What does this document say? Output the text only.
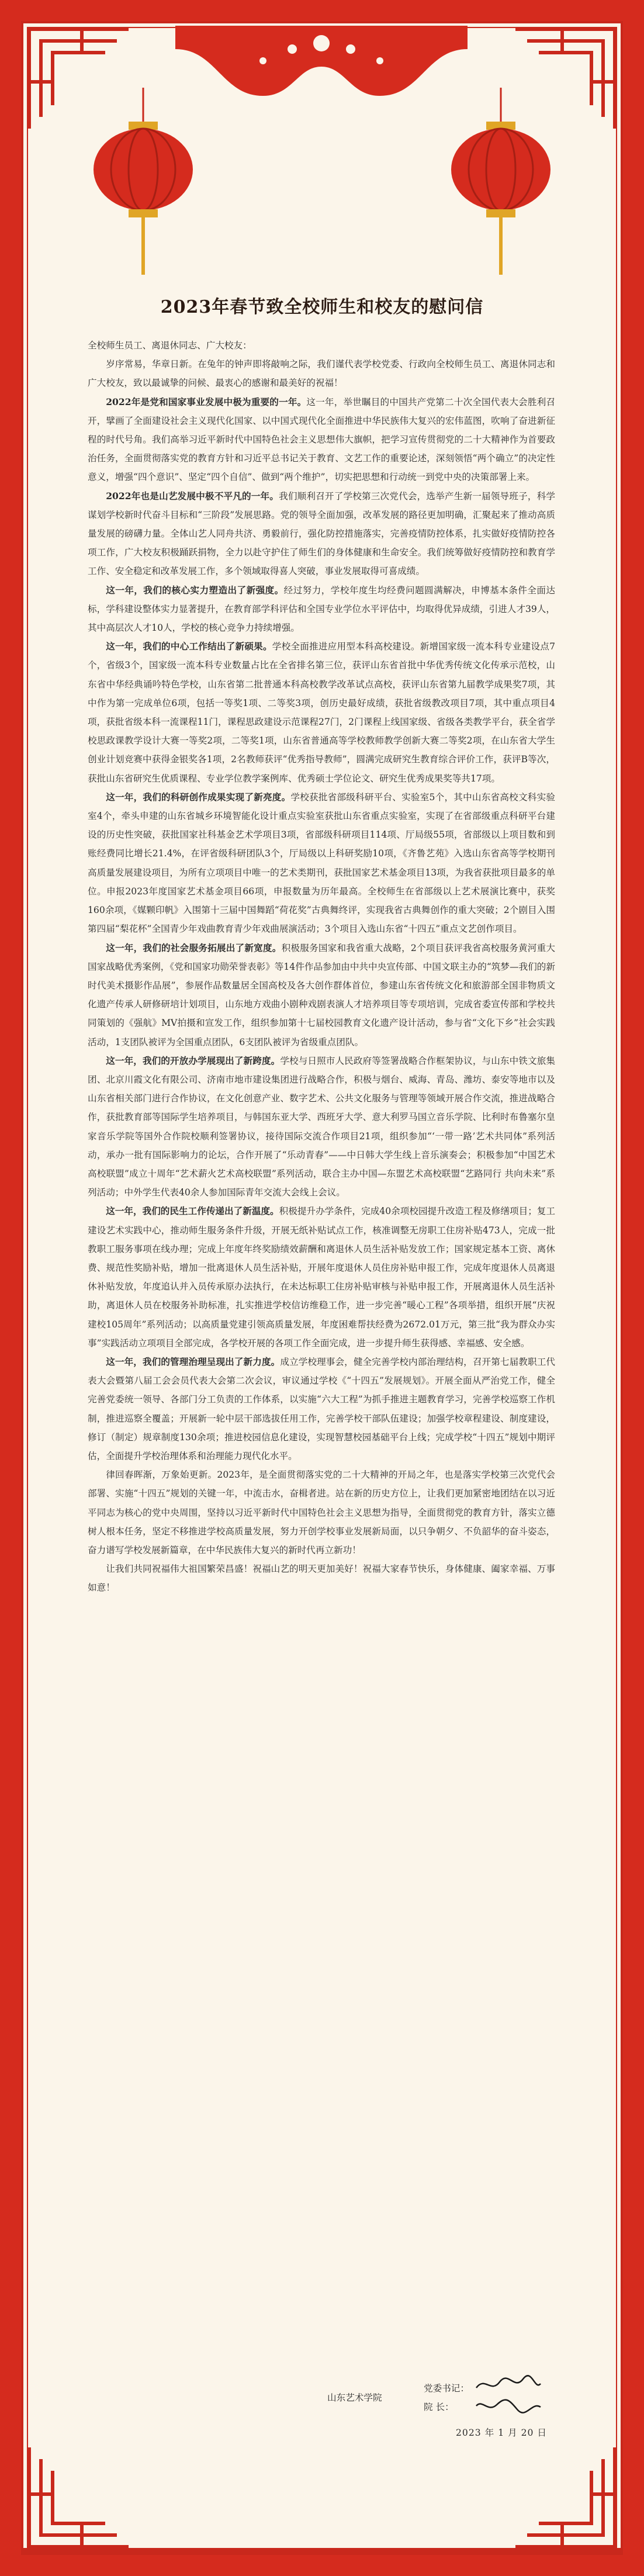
2023年春节致全校师生和校友的慰问信

全校师生员工、离退休同志、广大校友：

岁序常易，华章日新。在兔年的钟声即将敲响之际，我们谨代表学校党委、行政向全校师生员工、离退休同志和广大校友，致以最诚挚的问候、最衷心的感谢和最美好的祝福！

2022年是党和国家事业发展中极为重要的一年。这一年，举世瞩目的中国共产党第二十次全国代表大会胜利召开，擘画了全面建设社会主义现代化国家、以中国式现代化全面推进中华民族伟大复兴的宏伟蓝图，吹响了奋进新征程的时代号角。我们高举习近平新时代中国特色社会主义思想伟大旗帜，把学习宣传贯彻党的二十大精神作为首要政治任务，全面贯彻落实党的教育方针和习近平总书记关于教育、文艺工作的重要论述，深刻领悟“两个确立”的决定性意义，增强“四个意识”、坚定“四个自信”、做到“两个维护”，切实把思想和行动统一到党中央的决策部署上来。

2022年也是山艺发展中极不平凡的一年。我们顺利召开了学校第三次党代会，选举产生新一届领导班子，科学谋划学校新时代奋斗目标和“三阶段”发展思路。党的领导全面加强，改革发展的路径更加明确，汇聚起来了推动高质量发展的磅礴力量。全体山艺人同舟共济、勇毅前行，强化防控措施落实，完善疫情防控体系，扎实做好疫情防控各项工作，广大校友积极踊跃捐物，全力以赴守护住了师生们的身体健康和生命安全。我们统筹做好疫情防控和教育学工作、安全稳定和改革发展工作，多个领域取得喜人突破，事业发展取得可喜成绩。

这一年，我们的核心实力塑造出了新强度。经过努力，学校年度生均经费问题圆满解决，申博基本条件全面达标，学科建设整体实力显著提升，在教育部学科评估和全国专业学位水平评估中，均取得优异成绩，引进人才39人，其中高层次人才10人，学校的核心竞争力持续增强。

这一年，我们的中心工作结出了新硕果。学校全面推进应用型本科高校建设。新增国家级一流本科专业建设点7个，省级3个，国家级一流本科专业数量占比在全省排名第三位，获评山东省首批中华优秀传统文化传承示范校，山东省中华经典诵吟特色学校，山东省第二批普通本科高校教学改革试点高校，获评山东省第九届教学成果奖7项，其中作为第一完成单位6项，包括一等奖1项、二等奖3项，创历史最好成绩，获批省级教改项目7项，其中重点项目4项，获批省级本科一流课程11门，课程思政建设示范课程27门，2门课程上线国家级、省级各类教学平台，获全省学校思政课教学设计大赛一等奖2项，二等奖1项，山东省普通高等学校教师教学创新大赛二等奖2项，在山东省大学生创业计划竞赛中获得金银奖各1项，2名教师获评“优秀指导教师”，圆满完成研究生教育综合评价工作，获评B等次，获批山东省研究生优质课程、专业学位教学案例库、优秀硕士学位论文、研究生优秀成果奖等共17项。

这一年，我们的科研创作成果实现了新亮度。学校获批省部级科研平台、实验室5个，其中山东省高校文科实验室4个，牵头申建的山东省城乡环境智能化设计重点实验室获批山东省重点实验室，实现了在省部级重点科研平台建设的历史性突破，获批国家社科基金艺术学项目3项，省部级科研项目114项、厅局级55项，省部级以上项目数和到账经费同比增长21.4%，在评省级科研团队3个，厅局级以上科研奖励10项，《齐鲁艺苑》入选山东省高等学校期刊高质量发展建设项目，为所有立项项目中唯一的艺术类期刊，获批国家艺术基金项目13项，为我省获批项目最多的单位。申报2023年度国家艺术基金项目66项，申报数量为历年最高。全校师生在省部级以上艺术展演比赛中，获奖160余项，《媒颗印帆》入围第十三届中国舞蹈“荷花奖”古典舞终评，实现我省古典舞创作的重大突破；2个剧目入围第四届“梨花杯”全国青少年戏曲教育青少年戏曲展演活动；3个项目入选山东省“十四五”重点文艺创作项目。

这一年，我们的社会服务拓展出了新宽度。积极服务国家和我省重大战略，2个项目获评我省高校服务黄河重大国家战略优秀案例，《党和国家功勋荣誉表彰》等14件作品参加由中共中央宣传部、中国文联主办的“筑梦—我们的新时代美术摄影作品展”，参展作品数量居全国高校及各大创作群体首位，参建山东省传统文化和旅游部全国非物质文化遗产传承人研修研培计划项目，山东地方戏曲小剧种戏剧表演人才培养项目等专项培训，完成省委宣传部和学校共同策划的《强航》MV拍摄和宣发工作，组织参加第十七届校园教育文化遗产设计活动，参与省“文化下乡”社会实践活动，1支团队被评为全国重点团队，6支团队被评为省级重点团队。

这一年，我们的开放办学展现出了新跨度。学校与日照市人民政府等签署战略合作框架协议，与山东中铁文旅集团、北京川霞文化有限公司、济南市地市建设集团进行战略合作，积极与烟台、威海、青岛、潍坊、泰安等地市以及山东省相关部门进行合作协议，在文化创意产业、数字艺术、公共文化服务与管理等领域开展合作交流，推进战略合作，获批教育部等国际学生培养项目，与韩国东亚大学、西班牙大学、意大利罗马国立音乐学院、比利时布鲁塞尔皇家音乐学院等国外合作院校顺利签署协议，接待国际交流合作项目21项，组织参加“‘一带一路’艺术共同体”系列活动，承办一批有国际影响力的论坛，合作开展了“乐动青春”——中日韩大学生线上音乐演奏会；积极参加“中国艺术高校联盟”成立十周年“艺术薪火艺术高校联盟”系列活动，联合主办中国—东盟艺术高校联盟“艺路同行 共向未来”系列活动；中外学生代表40余人参加国际青年交流大会线上会议。

这一年，我们的民生工作传递出了新温度。积极提升办学条件，完成40余项校园提升改造工程及修缮项目；复工建设艺术实践中心，推动师生服务条件升级，开展无纸补贴试点工作，核准调整无房职工住房补贴473人，完成一批教职工服务事项在线办理；完成上年度年终奖励绩效薪酬和离退休人员生活补贴发放工作；国家规定基本工资、离休费、规范性奖励补贴，增加一批离退休人员生活补贴，开展年度退休人员住房补贴申报工作，完成年度退休人员离退休补贴发放，年度追认并入员传承原办法执行，在未达标职工住房补贴审核与补贴申报工作，开展离退休人员生活补助，离退休人员在校服务补助标准，扎实推进学校信访维稳工作，进一步完善“暖心工程”各项举措，组织开展“庆祝建校105周年”系列活动；以高质量党建引领高质量发展，年度困难帮扶经费为2672.01万元，第三批“我为群众办实事”实践活动立项项目全部完成，各学校开展的各项工作全面完成，进一步提升师生获得感、幸福感、安全感。

这一年，我们的管理治理呈现出了新力度。成立学校理事会，健全完善学校内部治理结构，召开第七届教职工代表大会暨第八届工会会员代表大会第二次会议，审议通过学校《“十四五”发展规划》。开展全面从严治党工作，健全完善党委统一领导、各部门分工负责的工作体系，以实施“六大工程”为抓手推进主题教育学习，完善学校巡察工作机制，推进巡察全覆盖；开展新一轮中层干部选拔任用工作，完善学校干部队伍建设；加强学校章程建设、制度建设，修订（制定）规章制度130余项；推进校园信息化建设，实现智慧校园基础平台上线；完成学校“十四五”规划中期评估，全面提升学校治理体系和治理能力现代化水平。

律回春晖渐，万象始更新。2023年，是全面贯彻落实党的二十大精神的开局之年，也是落实学校第三次党代会部署、实施“十四五”规划的关键一年，中流击水，奋楫者进。站在新的历史方位上，让我们更加紧密地团结在以习近平同志为核心的党中央周围，坚持以习近平新时代中国特色社会主义思想为指导，全面贯彻党的教育方针，落实立德树人根本任务，坚定不移推进学校高质量发展，努力开创学校事业发展新局面，以只争朝夕、不负韶华的奋斗姿态，奋力谱写学校发展新篇章，在中华民族伟大复兴的新时代再立新功！

让我们共同祝福伟大祖国繁荣昌盛！祝福山艺的明天更加美好！祝福大家春节快乐，身体健康、阖家幸福、万事如意！

山东艺术学院
党委书记：
院 长：
2023 年 1 月 20 日
